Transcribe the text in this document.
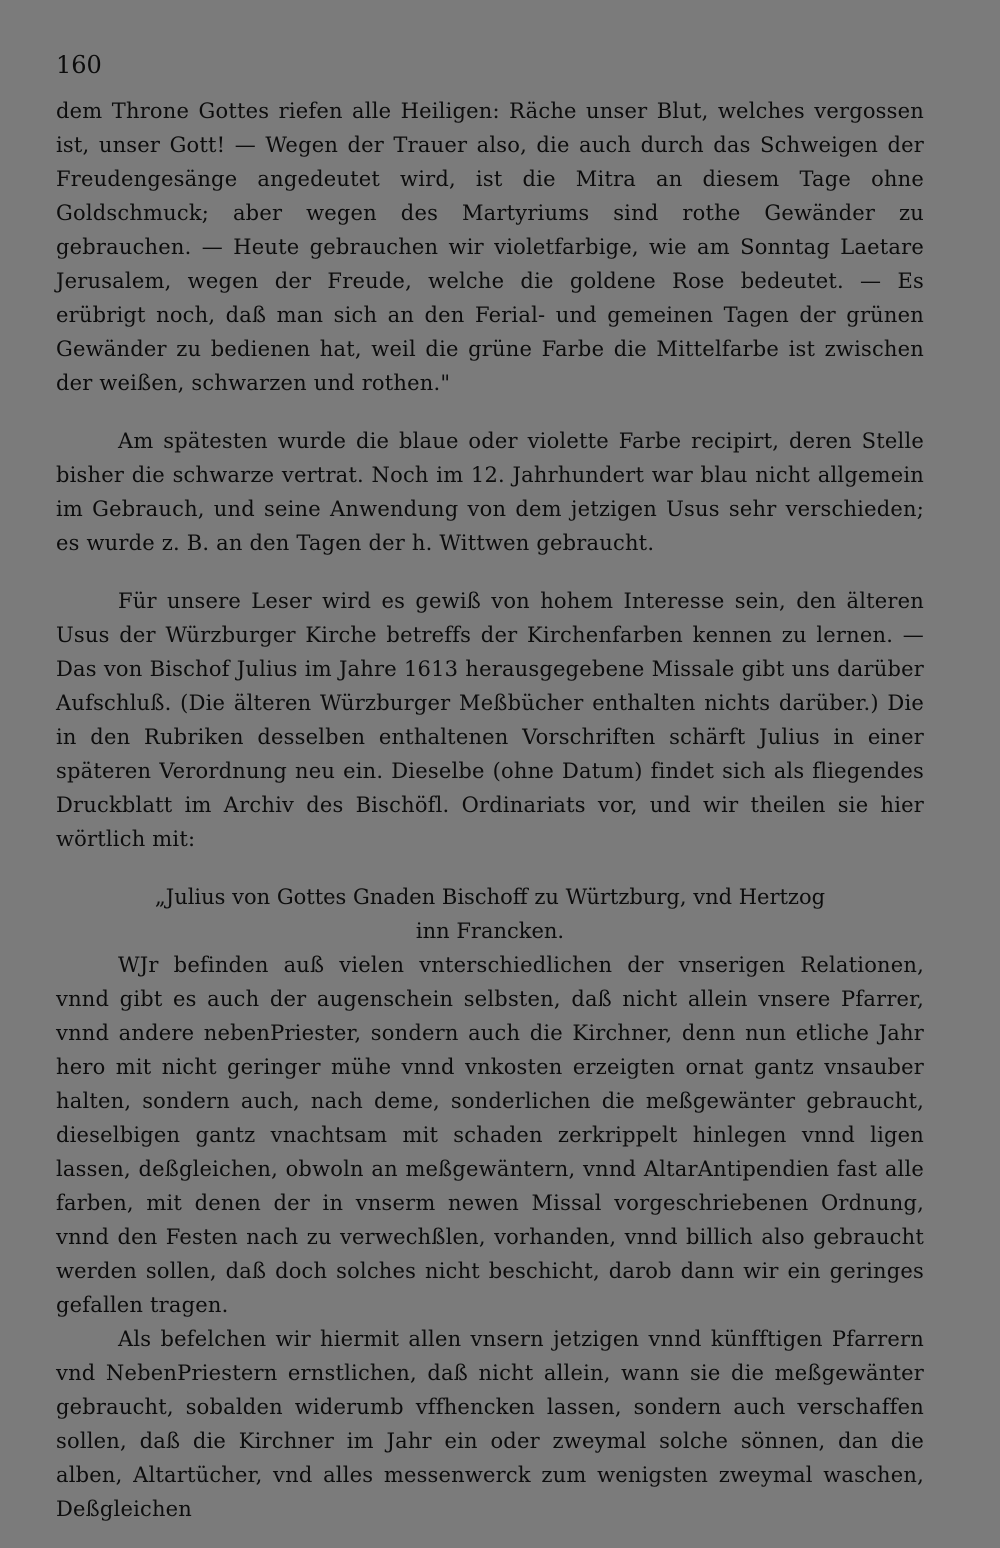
160

dem Throne Gottes riefen alle Heiligen: Räche unser Blut, welches vergossen ist, unser Gott! — Wegen der Trauer also, die auch durch das Schweigen der Freudengesänge angedeutet wird, ist die Mitra an diesem Tage ohne Goldschmuck; aber wegen des Martyriums sind rothe Gewänder zu gebrauchen. — Heute gebrauchen wir violetfarbige, wie am Sonntag Laetare Jerusalem, wegen der Freude, welche die goldene Rose bedeutet. — Es erübrigt noch, daß man sich an den Ferial- und gemeinen Tagen der grünen Gewänder zu bedienen hat, weil die grüne Farbe die Mittelfarbe ist zwischen der weißen, schwarzen und rothen."

Am spätesten wurde die blaue oder violette Farbe recipirt, deren Stelle bisher die schwarze vertrat. Noch im 12. Jahrhundert war blau nicht allgemein im Gebrauch, und seine Anwendung von dem jetzigen Usus sehr verschieden; es wurde z. B. an den Tagen der h. Wittwen gebraucht.

Für unsere Leser wird es gewiß von hohem Interesse sein, den älteren Usus der Würzburger Kirche betreffs der Kirchenfarben kennen zu lernen. — Das von Bischof Julius im Jahre 1613 herausgegebene Missale gibt uns darüber Aufschluß. (Die älteren Würzburger Meßbücher enthalten nichts darüber.) Die in den Rubriken desselben enthaltenen Vorschriften schärft Julius in einer späteren Verordnung neu ein. Dieselbe (ohne Datum) findet sich als fliegendes Druckblatt im Archiv des Bischöfl. Ordinariats vor, und wir theilen sie hier wörtlich mit:

„Julius von Gottes Gnaden Bischoff zu Würtzburg, vnd Hertzog
inn Francken.

WJr befinden auß vielen vnterschiedlichen der vnserigen Relationen, vnnd gibt es auch der augenschein selbsten, daß nicht allein vnsere Pfarrer, vnnd andere nebenPriester, sondern auch die Kirchner, denn nun etliche Jahr hero mit nicht geringer mühe vnnd vnkosten erzeigten ornat gantz vnsauber halten, sondern auch, nach deme, sonderlichen die meßgewänter gebraucht, dieselbigen gantz vnachtsam mit schaden zerkrippelt hinlegen vnnd ligen lassen, deßgleichen, obwoln an meßgewäntern, vnnd AltarAntipendien fast alle farben, mit denen der in vnserm newen Missal vorgeschriebenen Ordnung, vnnd den Festen nach zu verwechßlen, vorhanden, vnnd billich also gebraucht werden sollen, daß doch solches nicht beschicht, darob dann wir ein geringes gefallen tragen.

Als befelchen wir hiermit allen vnsern jetzigen vnnd künfftigen Pfarrern vnd NebenPriestern ernstlichen, daß nicht allein, wann sie die meßgewänter gebraucht, sobalden widerumb vffhencken lassen, sondern auch verschaffen sollen, daß die Kirchner im Jahr ein oder zweymal solche sönnen, dan die alben, Altartücher, vnd alles messenwerck zum wenigsten zweymal waschen, Deßgleichen
